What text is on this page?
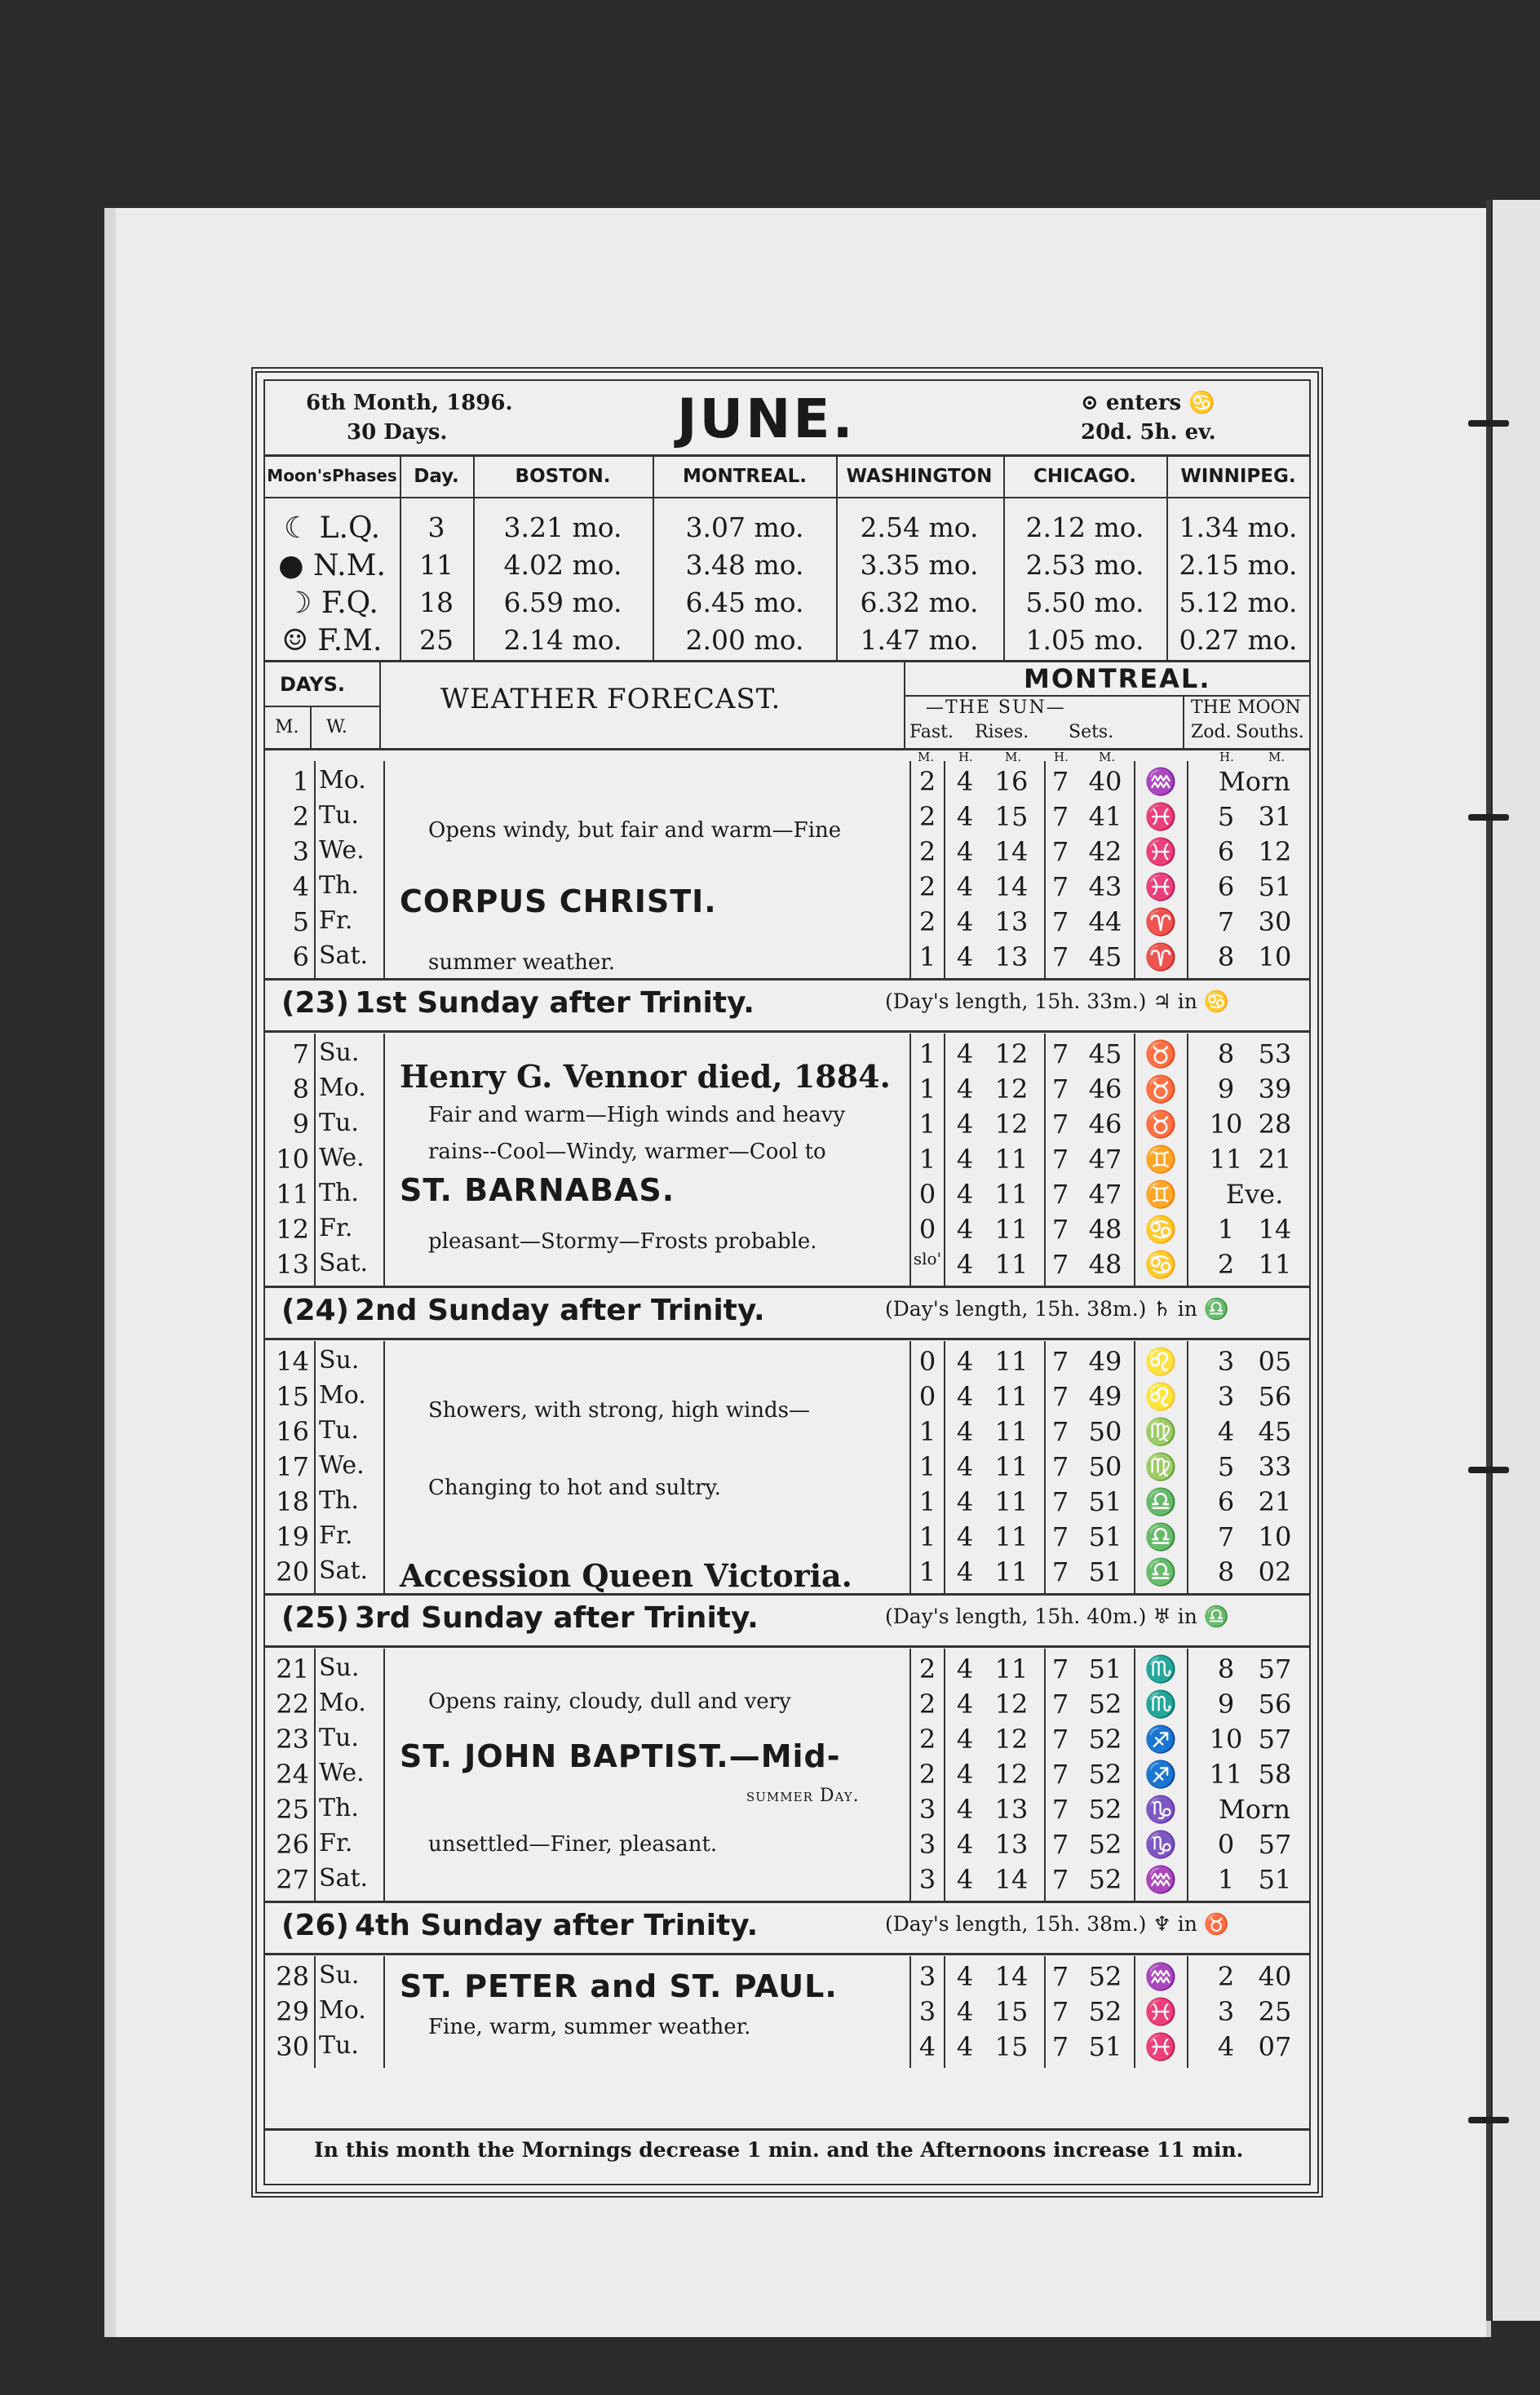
6th Month, 1896.
30 Days.	JUNE.	⊙ enters ♋
20d. 5h. ev.
Moon'sPhases Day.	BOSTON.	MONTREAL. WASHINGTON CHICAGO. WINNIPEG.
☾ L.Q. 3 3.21 mo. 3.07 mo. 2.54 mo. 2.12 mo. 1.34 mo.
● N.M. 11 4.02 mo. 3.48 mo. 3.35 mo. 2.53 mo. 2.15 mo.
☽ F.Q. 18 6.59 mo. 6.45 mo. 6.32 mo. 5.50 mo. 5.12 mo.
☺ F.M. 25 2.14 mo. 2.00 mo. 1.47 mo. 1.05 mo. 0.27 mo.
DAYS.
M. W.
WEATHER FORECAST.
MONTREAL.
—THE SUN—	THE MOON
Fast. Rises. Sets.	Zod. Souths.
M. H.	H.	H.
M.	M.	M.
1 Mo.	2 4 16 7 40 ♒ Morn
2 Tu.	2 4 15 7 41 ♓ 5 31
3 We.	2 4 14 7 42 ♓ 6 12
4 Th.	2 4 14 7 43 ♓ 6 51
5 Fr.	2 4 13 7 44 ♈ 7 30
6 Sat.	1 4 13 7 45 ♈ 8 10
Opens windy, but fair and warm—Fine
CORPUS CHRISTI.
summer weather.
(23) 1st Sunday after Trinity.	(Day's length, 15h. 33m.) ♃ in ♋
7 Su.	1 4 12 7 45 ♉ 8 53
8 Mo.	1 4 12 7 46 ♉ 9 39
9 Tu.	1 4 12 7 46 ♉ 10 28
10 We.	1 4 11 7 47 ♊ 11 21
11 Th.	0 4 11 7 47 ♊ Eve.
12 Fr.	0 4 11 7 48 ♋ 1 14
13 Sat.	slo' 4 11 7 48 ♋ 2 11
Henry G. Vennor died, 1884.
Fair and warm—High winds and heavy
rains--Cool—Windy, warmer—Cool to
ST. BARNABAS.
pleasant—Stormy—Frosts probable.
(24) 2nd Sunday after Trinity.	(Day's length, 15h. 38m.) ♄ in ♎
14 Su.	0 4 11 7 49 ♌ 3 05
15 Mo.	0 4 11 7 49 ♌ 3 56
16 Tu.	1 4 11 7 50 ♍ 4 45
17 We.	1 4 11 7 50 ♍ 5 33
18 Th.	1 4 11 7 51 ♎ 6 21
19 Fr.	1 4 11 7 51 ♎ 7 10
20 Sat.	1 4 11 7 51 ♎ 8 02
Showers, with strong, high winds—
Changing to hot and sultry.
Accession Queen Victoria.
(25) 3rd Sunday after Trinity.	(Day's length, 15h. 40m.) ♅ in ♎
21 Su.	2 4 11 7 51 ♏ 8 57
22 Mo.	2 4 12 7 52 ♏ 9 56
23 Tu.	2 4 12 7 52 ♐ 10 57
24 We.	2 4 12 7 52 ♐ 11 58
25 Th.	3 4 13 7 52 ♑ Morn
26 Fr.	3 4 13 7 52 ♑ 0 57
27 Sat.	3 4 14 7 52 ♒ 1 51
Opens rainy, cloudy, dull and very
ST. JOHN BAPTIST.—Mid-
summer Day.
unsettled—Finer, pleasant.
(26) 4th Sunday after Trinity.	(Day's length, 15h. 38m.) ♆ in ♉
28 Su.	3 4 14 7 52 ♒ 2 40
29 Mo.	3 4 15 7 52 ♓ 3 25
30 Tu.	4 4 15 7 51 ♓ 4 07
ST. PETER and ST. PAUL.
Fine, warm, summer weather.
In this month the Mornings decrease 1 min. and the Afternoons increase 11 min.
